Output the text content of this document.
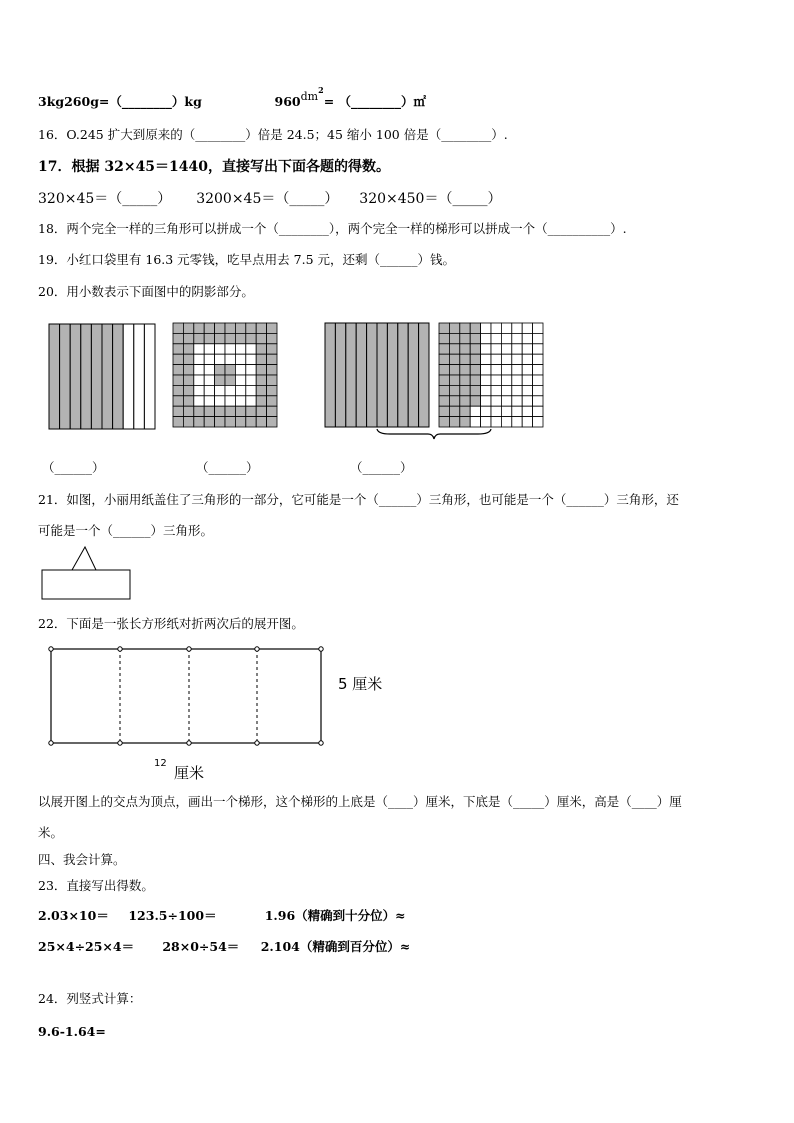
3kg260g=（________）kg	$960dm^2=$ （________）㎡
16．O.245 扩大到原来的（________）倍是 24.5；45 缩小 100 倍是（________）.
17．根据 32×45＝1440，直接写出下面各题的得数。
320×45＝（_____） 3200×45＝（_____） 320×450＝（_____）
18．两个完全一样的三角形可以拼成一个（________），两个完全一样的梯形可以拼成一个（__________）.
19．小红口袋里有 16.3 元零钱，吃早点用去 7.5 元，还剩（______）钱。
20．用小数表示下面图中的阴影部分。
（______）	（______）	（______）
21．如图，小丽用纸盖住了三角形的一部分，它可能是一个（______）三角形，也可能是一个（______）三角形，还
可能是一个（______）三角形。
22．下面是一张长方形纸对折两次后的展开图。
5 厘米
12
厘米
以展开图上的交点为顶点，画出一个梯形，这个梯形的上底是（____）厘米，下底是（_____）厘米，高是（____）厘
米。
四、我会计算。
23．直接写出得数。
2.03×10＝ 123.5÷100＝	1.96（精确到十分位）≈
25×4÷25×4＝ 28×0÷54＝ 2.104（精确到百分位）≈
24．列竖式计算：
9.6-1.64=
